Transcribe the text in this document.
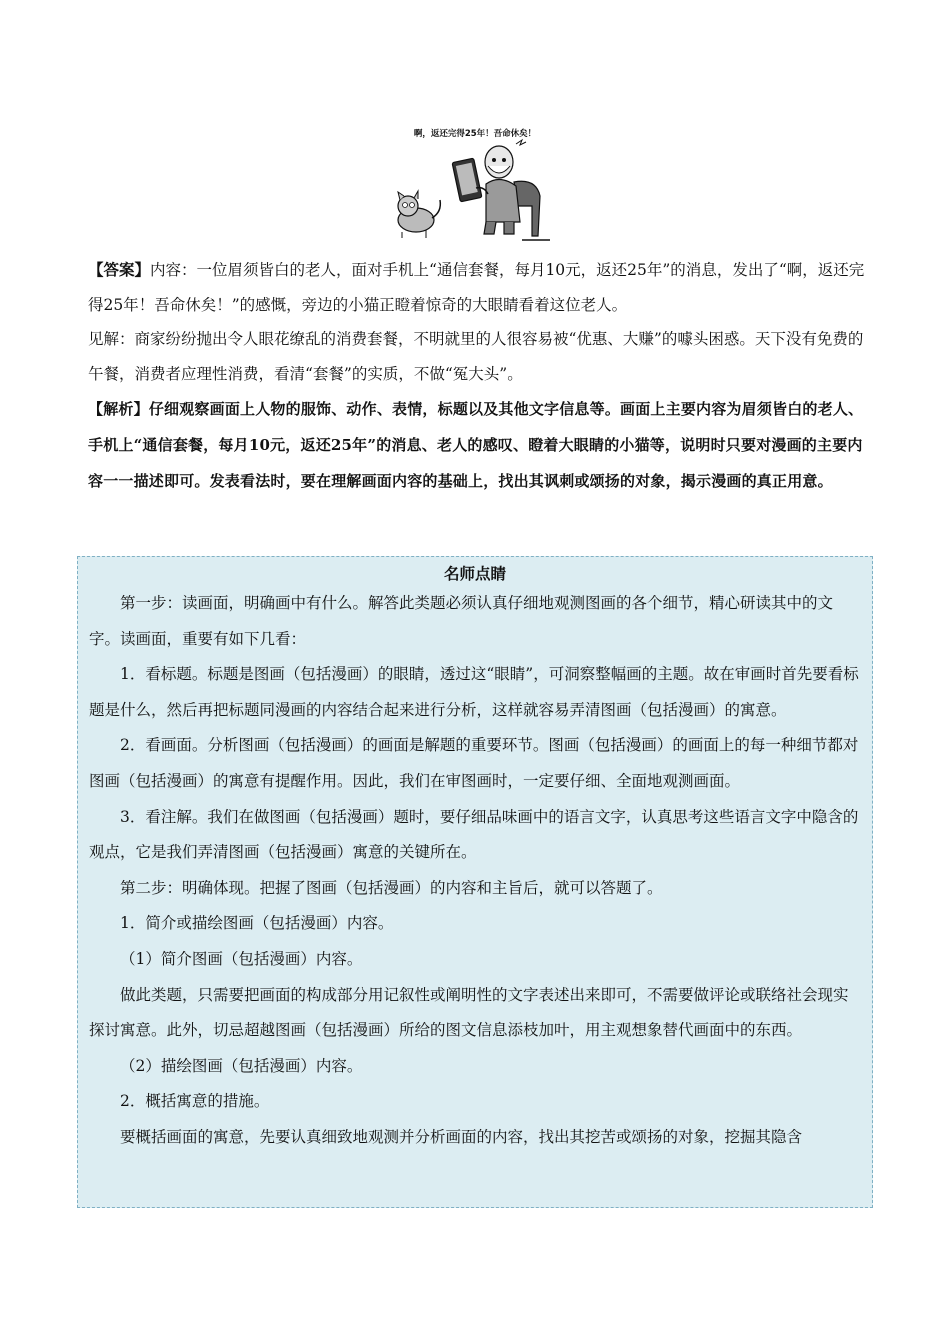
啊，返还完得25年！吾命休矣！
【答案】内容：一位眉须皆白的老人，面对手机上“通信套餐，每月10元，返还25年”的消息，发出了“啊，返还完得25年！吾命休矣！”的感慨，旁边的小猫正瞪着惊奇的大眼睛看着这位老人。
见解：商家纷纷抛出令人眼花缭乱的消费套餐，不明就里的人很容易被“优惠、大赚”的噱头困惑。天下没有免费的午餐，消费者应理性消费，看清“套餐”的实质，不做“冤大头”。
【解析】仔细观察画面上人物的服饰、动作、表情，标题以及其他文字信息等。画面上主要内容为眉须皆白的老人、手机上“通信套餐，每月10元，返还25年”的消息、老人的感叹、瞪着大眼睛的小猫等，说明时只要对漫画的主要内容一一描述即可。发表看法时，要在理解画面内容的基础上，找出其讽刺或颂扬的对象，揭示漫画的真正用意。
名师点睛

第一步：读画面，明确画中有什么。解答此类题必须认真仔细地观测图画的各个细节，精心研读其中的文字。读画面，重要有如下几看：

1．看标题。标题是图画（包括漫画）的眼睛，透过这“眼睛”，可洞察整幅画的主题。故在审画时首先要看标题是什么，然后再把标题同漫画的内容结合起来进行分析，这样就容易弄清图画（包括漫画）的寓意。

2．看画面。分析图画（包括漫画）的画面是解题的重要环节。图画（包括漫画）的画面上的每一种细节都对图画（包括漫画）的寓意有提醒作用。因此，我们在审图画时，一定要仔细、全面地观测画面。

3．看注解。我们在做图画（包括漫画）题时，要仔细品味画中的语言文字，认真思考这些语言文字中隐含的观点，它是我们弄清图画（包括漫画）寓意的关键所在。

第二步：明确体现。把握了图画（包括漫画）的内容和主旨后，就可以答题了。

1．简介或描绘图画（包括漫画）内容。

（1）简介图画（包括漫画）内容。

做此类题，只需要把画面的构成部分用记叙性或阐明性的文字表述出来即可，不需要做评论或联络社会现实探讨寓意。此外，切忌超越图画（包括漫画）所给的图文信息添枝加叶，用主观想象替代画面中的东西。

（2）描绘图画（包括漫画）内容。

2．概括寓意的措施。

要概括画面的寓意，先要认真细致地观测并分析画面的内容，找出其挖苦或颂扬的对象，挖掘其隐含
